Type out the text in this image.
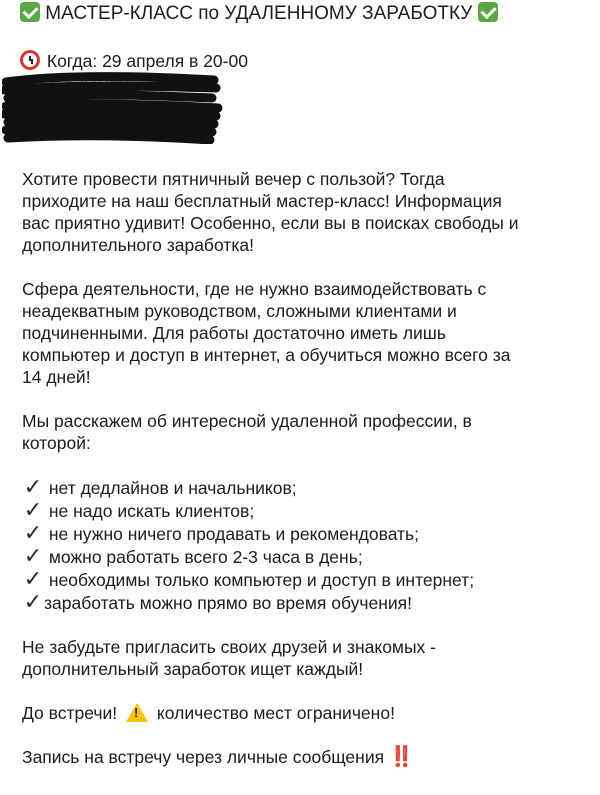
МАСТЕР-КЛАСС по УДАЛЕННОМУ ЗАРАБОТКУ
Когда: 29 апреля в 20-00
«Омар Хайям»
8 Марта, 2/9а
Зал «Караоке»
Хотите провести пятничный вечер с пользой? Тогда
приходите на наш бесплатный мастер-класс! Информация
вас приятно удивит! Особенно, если вы в поисках свободы и
дополнительного заработка!
Сфера деятельности, где не нужно взаимодействовать с
неадекватным руководством, сложными клиентами и
подчиненными. Для работы достаточно иметь лишь
компьютер и доступ в интернет, а обучиться можно всего за
14 дней!
Мы расскажем об интересной удаленной профессии, в
которой:
✓ нет дедлайнов и начальников;
✓ не надо искать клиентов;
✓ не нужно ничего продавать и рекомендовать;
✓ можно работать всего 2-3 часа в день;
✓ необходимы только компьютер и доступ в интернет;
✓ заработать можно прямо во время обучения!
Не забудьте пригласить своих друзей и знакомых -
дополнительный заработок ищет каждый!
До встречи! ! количество мест ограничено!
Запись на встречу через личные сообщения ‼️
